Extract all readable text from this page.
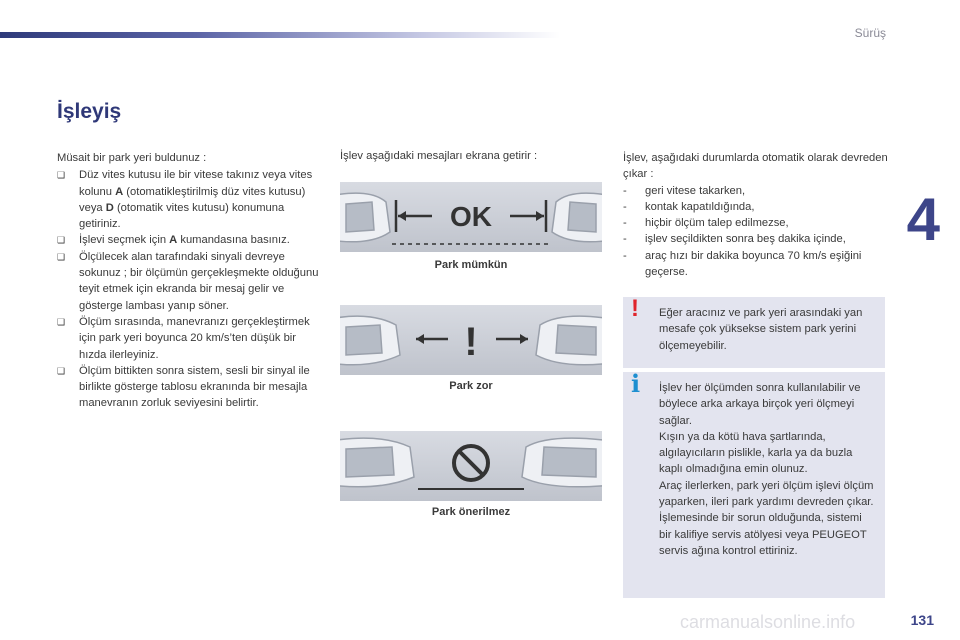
Sürüş
4
İşleyiş

Müsait bir park yeri buldunuz :

❑ Düz vites kutusu ile bir vitese takınız veya vites kolunu A (otomatikleştirilmiş düz vites kutusu) veya D (otomatik vites kutusu) konumuna getiriniz.
❑ İşlevi seçmek için A kumandasına basınız.
❑ Ölçülecek alan tarafındaki sinyali devreye sokunuz ; bir ölçümün gerçekleşmekte olduğunu teyit etmek için ekranda bir mesaj gelir ve gösterge lambası yanıp söner.
❑ Ölçüm sırasında, manevranızı gerçekleştirmek için park yeri boyunca 20 km/s’ten düşük bir hızda ilerleyiniz.
❑ Ölçüm bittikten sonra sistem, sesli bir sinyal ile birlikte gösterge tablosu ekranında bir mesajla manevranın zorluk seviyesini belirtir.
İşlev aşağıdaki mesajları ekrana getirir :
OK
Park mümkün
!
Park zor
Park önerilmez
İşlev, aşağıdaki durumlarda otomatik olarak devreden çıkar :
- geri vitese takarken,
- kontak kapatıldığında,
- hiçbir ölçüm talep edilmezse,
- işlev seçildikten sonra beş dakika içinde,
- araç hızı bir dakika boyunca 70 km/s eşiğini geçerse.
! Eğer aracınız ve park yeri arasındaki yan mesafe çok yüksekse sistem park yerini ölçemeyebilir.
i İşlev her ölçümden sonra kullanılabilir ve böylece arka arkaya birçok yeri ölçmeyi sağlar.
Kışın ya da kötü hava şartlarında, algılayıcıların pislikle, karla ya da buzla kaplı olmadığına emin olunuz.
Araç ilerlerken, park yeri ölçüm işlevi ölçüm yaparken, ileri park yardımı devreden çıkar.
İşlemesinde bir sorun olduğunda, sistemi bir kalifiye servis atölyesi veya PEUGEOT servis ağına kontrol ettiriniz.
carmanualsonline.info	131
